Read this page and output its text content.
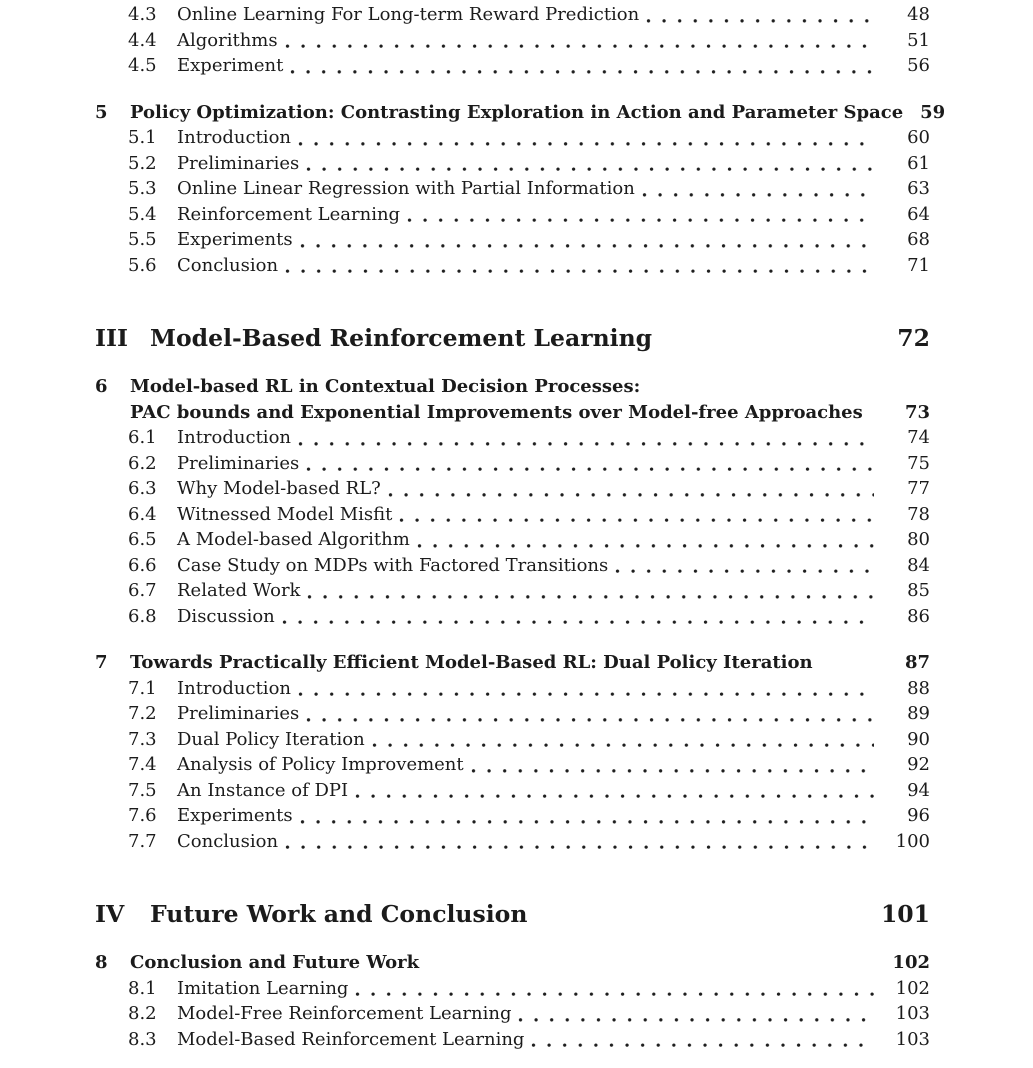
4.3	Online Learning For Long-term Reward Prediction	48
4.4	Algorithms	51
4.5	Experiment	56
5	Policy Optimization: Contrasting Exploration in Action and Parameter Space 59
5.1	Introduction	60
5.2	Preliminaries	61
5.3	Online Linear Regression with Partial Information	63
5.4	Reinforcement Learning	64
5.5	Experiments	68
5.6	Conclusion	71
III Model-Based Reinforcement Learning	72
6	Model-based RL in Contextual Decision Processes:
PAC bounds and Exponential Improvements over Model-free Approaches	73
6.1	Introduction	74
6.2	Preliminaries	75
6.3	Why Model-based RL?	77
6.4	Witnessed Model Misfit	78
6.5	A Model-based Algorithm	80
6.6	Case Study on MDPs with Factored Transitions	84
6.7	Related Work	85
6.8	Discussion	86
7	Towards Practically Efficient Model-Based RL: Dual Policy Iteration	87
7.1	Introduction	88
7.2	Preliminaries	89
7.3	Dual Policy Iteration	90
7.4	Analysis of Policy Improvement	92
7.5	An Instance of DPI	94
7.6	Experiments	96
7.7	Conclusion	100
IV	Future Work and Conclusion	101
8	Conclusion and Future Work	102
8.1	Imitation Learning	102
8.2	Model-Free Reinforcement Learning	103
8.3	Model-Based Reinforcement Learning	103
